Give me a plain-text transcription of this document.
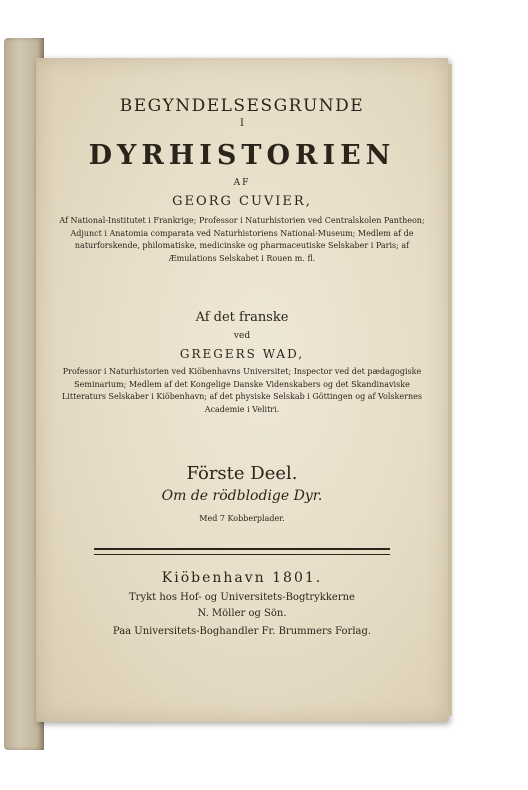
BEGYNDELSESGRUNDE

I

DYRHISTORIEN

AF

GEORG CUVIER,

Af National-Institutet i Frankrige; Professor i Naturhistorien ved Centralskolen Pantheon; Adjunct i Anatomia comparata ved Naturhistoriens National-Museum; Medlem af de naturforskende, philomatiske, medicinske og pharmaceutiske Selskaber i Paris; af Æmulations Selskabet i Rouen m. fl.

Af det franske

ved

GREGERS WAD,

Professor i Naturhistorien ved Kiöbenhavns Universitet; Inspector ved det pædagogiske Seminarium; Medlem af det Kongelige Danske Videnskabers og det Skandinaviske Litteraturs Selskaber i Kiöbenhavn; af det physiske Selskab i Göttingen og af Volskernes Academie i Velitri.

Förste Deel.

Om de rödblodige Dyr.

Med 7 Kobberplader.

Kiöbenhavn 1801.

Trykt hos Hof- og Universitets-Bogtrykkerne

N. Möller og Sön.

Paa Universitets-Boghandler Fr. Brummers Forlag.
